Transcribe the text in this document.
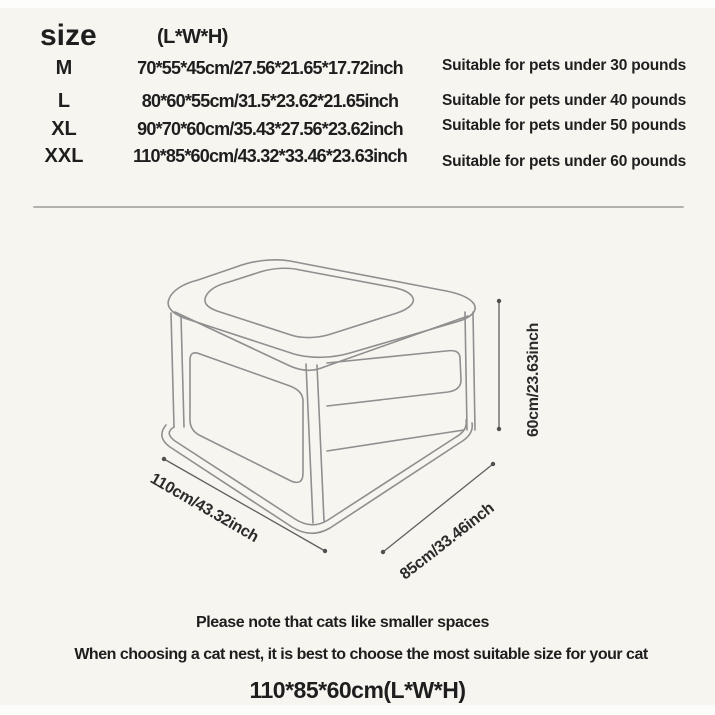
size	(L*W*H)
M	70*55*45cm/27.56*21.65*17.72inch	Suitable for pets under 30 pounds
L	80*60*55cm/31.5*23.62*21.65inch	Suitable for pets under 40 pounds
XL	90*70*60cm/35.43*27.56*23.62inch	Suitable for pets under 50 pounds
XXL	110*85*60cm/43.32*33.46*23.63inch Suitable for pets under 60 pounds
110cm/43.32inch	85cm/33.46inch
60cm/23.63inch
Please note that cats like smaller spaces
When choosing a cat nest, it is best to choose the most suitable size for your cat
110*85*60cm(L*W*H)
